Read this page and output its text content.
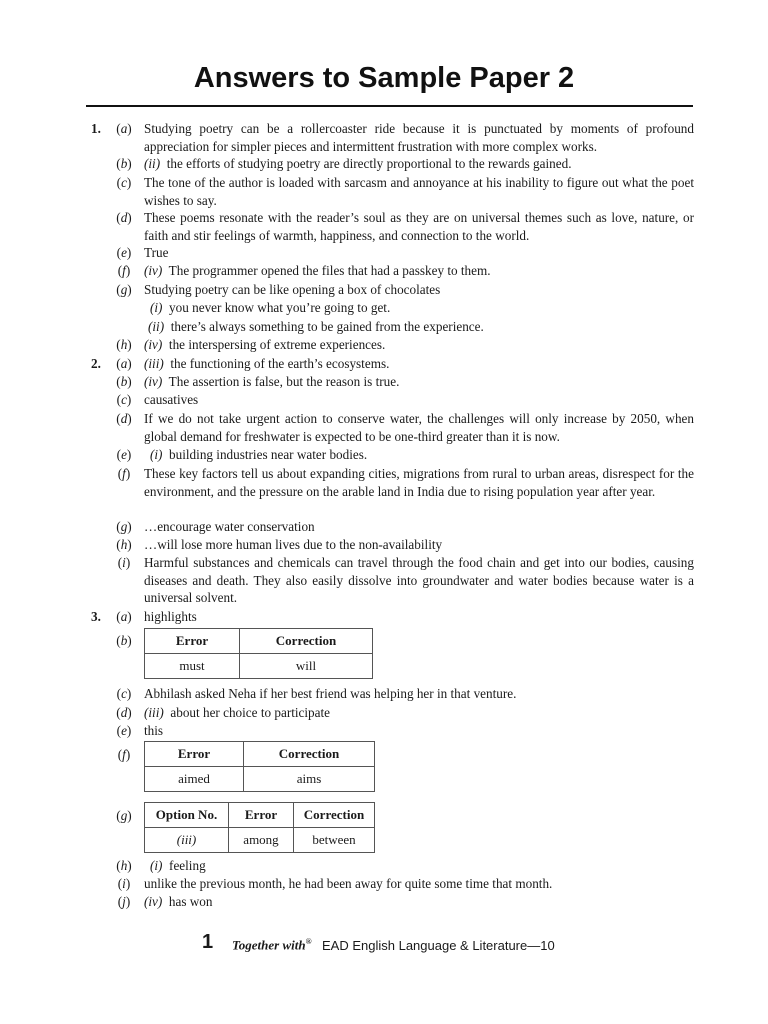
Answers to Sample Paper 2
1.	(a) Studying poetry can be a rollercoaster ride because it is punctuated by moments of profound appreciation for simpler pieces and intermittent frustration with more complex works.
(b) (ii) the efforts of studying poetry are directly proportional to the rewards gained.
(c) The tone of the author is loaded with sarcasm and annoyance at his inability to figure out what the poet wishes to say.
(d) These poems resonate with the reader’s soul as they are on universal themes such as love, nature, or faith and stir feelings of warmth, happiness, and connection to the world.
(e) True
(f)	(iv) The programmer opened the files that had a passkey to them.
(g) Studying poetry can be like opening a box of chocolates
(i) you never know what you’re going to get.
(ii) there’s always something to be gained from the experience.
(h) (iv) the interspersing of extreme experiences.
2.	(a) (iii) the functioning of the earth’s ecosystems.
(b) (iv) The assertion is false, but the reason is true.
(c) causatives
(d) If we do not take urgent action to conserve water, the challenges will only increase by 2050, when global demand for freshwater is expected to be one-third greater than it is now.
(e)	(i) building industries near water bodies.
(f)	These key factors tell us about expanding cities, migrations from rural to urban areas, disrespect for the environment, and the pressure on the arable land in India due to rising population year after year.
(g) …encourage water conservation
(h) …will lose more human lives due to the non-availability
(i)	Harmful substances and chemicals can travel through the food chain and get into our bodies, causing diseases and death. They also easily dissolve into groundwater and water bodies because water is a universal solvent.
3.	(a) highlights
(b)	Error	Correction
must	will
(c) Abhilash asked Neha if her best friend was helping her in that venture.
(d) (iii) about her choice to participate
(e) this
(f)	Error	Correction
aimed	aims
(g)	Option No.	Error	Correction
(iii)	among	between
(h)	(i) feeling
(i)	unlike the previous month, he had been away for quite some time that month.
(j)	(iv) has won
1 Together with® EAD English Language & Literature—10
